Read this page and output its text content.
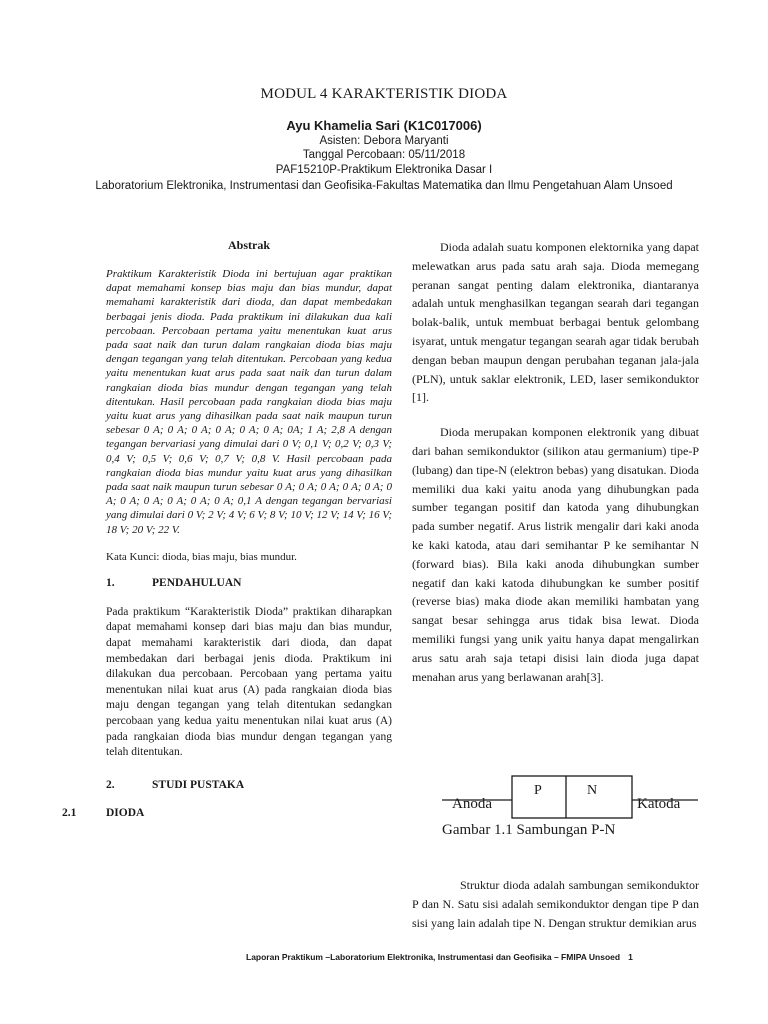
MODUL 4 KARAKTERISTIK DIODA
Ayu Khamelia Sari (K1C017006)
Asisten: Debora Maryanti
Tanggal Percobaan: 05/11/2018
PAF15210P-Praktikum Elektronika Dasar I
Laboratorium Elektronika, Instrumentasi dan Geofisika-Fakultas Matematika dan Ilmu Pengetahuan Alam Unsoed
Abstrak

Praktikum Karakteristik Dioda ini bertujuan agar praktikan dapat memahami konsep bias maju dan bias mundur, dapat memahami karakteristik dari dioda, dan dapat membedakan berbagai jenis dioda. Pada praktikum ini dilakukan dua kali percobaan. Percobaan pertama yaitu menentukan kuat arus pada saat naik dan turun dalam rangkaian dioda bias maju dengan tegangan yang telah ditentukan. Percobaan yang kedua yaitu menentukan kuat arus pada saat naik dan turun dalam rangkaian dioda bias mundur dengan tegangan yang telah ditentukan. Hasil percobaan pada rangkaian dioda bias maju yaitu kuat arus yang dihasilkan pada saat naik maupun turun sebesar 0 A; 0 A; 0 A; 0 A; 0 A; 0 A; 0A; 1 A; 2,8 A dengan tegangan bervariasi yang dimulai dari 0 V; 0,1 V; 0,2 V; 0,3 V; 0,4 V; 0,5 V; 0,6 V; 0,7 V; 0,8 V. Hasil percobaan pada rangkaian dioda bias mundur yaitu kuat arus yang dihasilkan pada saat naik maupun turun sebesar 0 A; 0 A; 0 A; 0 A; 0 A; 0 A; 0 A; 0 A; 0 A; 0 A; 0 A; 0,1 A dengan tegangan bervariasi yang dimulai dari 0 V; 2 V; 4 V; 6 V; 8 V; 10 V; 12 V; 14 V; 16 V; 18 V; 20 V; 22 V.

Kata Kunci: dioda, bias maju, bias mundur.

1.	PENDAHULUAN

Pada praktikum “Karakteristik Dioda” praktikan diharapkan dapat memahami konsep dari bias maju dan bias mundur, dapat memahami karakteristik dari dioda, dan dapat membedakan dari berbagai jenis dioda. Praktikum ini dilakukan dua percobaan. Percobaan yang pertama yaitu menentukan nilai kuat arus (A) pada rangkaian dioda bias maju dengan tegangan yang telah ditentukan sedangkan percobaan yang kedua yaitu menentukan nilai kuat arus (A) pada rangkaian dioda bias mundur dengan tegangan yang telah ditentukan.

2.	STUDI PUSTAKA
2.1	DIODA

Dioda adalah suatu komponen elektornika yang dapat melewatkan arus pada satu arah saja. Dioda memegang peranan sangat penting dalam elektronika, diantaranya adalah untuk menghasilkan tegangan searah dari tegangan bolak-balik, untuk membuat berbagai bentuk gelombang isyarat, untuk mengatur tegangan searah agar tidak berubah dengan beban maupun dengan perubahan teganan jala-jala (PLN), untuk saklar elektronik, LED, laser semikonduktor [1].

Dioda merupakan komponen elektronik yang dibuat dari bahan semikonduktor (silikon atau germanium) tipe-P (lubang) dan tipe-N (elektron bebas) yang disatukan. Dioda memiliki dua kaki yaitu anoda yang dihubungkan pada sumber tegangan positif dan katoda yang dihubungkan pada sumber negatif. Arus listrik mengalir dari kaki anoda ke kaki katoda, atau dari semihantar P ke semihantar N (forward bias). Bila kaki anoda dihubungkan sumber negatif dan kaki katoda dihubungkan ke sumber positif (reverse bias) maka diode akan memiliki hambatan yang sangat besar sehingga arus tidak bisa lewat. Dioda memiliki fungsi yang unik yaitu hanya dapat mengalirkan arus satu arah saja tetapi disisi lain dioda juga dapat menahan arus yang berlawanan arah[3].

Anoda
P	N
Katoda
Gambar 1.1 Sambungan P-N

Struktur dioda adalah sambungan semikonduktor P dan N. Satu sisi adalah semikonduktor dengan tipe P dan sisi yang lain adalah tipe N. Dengan struktur demikian arus

Laporan Praktikum –Laboratorium Elektronika, Instrumentasi dan Geofisika – FMIPA Unsoed 1
